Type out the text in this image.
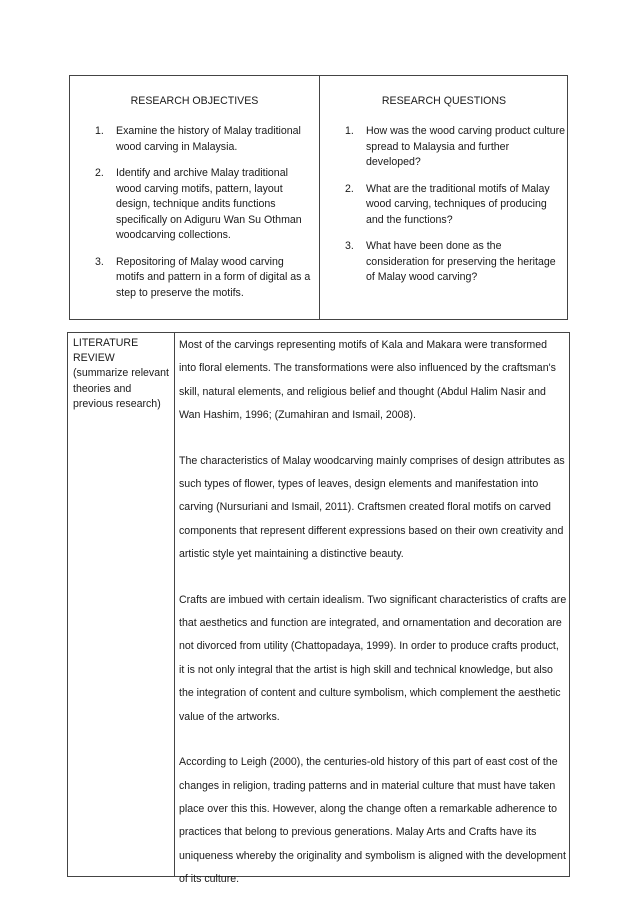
RESEARCH OBJECTIVES
1. Examine the history of Malay traditional wood carving in Malaysia.
2. Identify and archive Malay traditional wood carving motifs, pattern, layout design, technique andits functions specifically on Adiguru Wan Su Othman woodcarving collections.
3. Repositoring of Malay wood carving motifs and pattern in a form of digital as a step to preserve the motifs.
RESEARCH QUESTIONS
1. How was the wood carving product culture spread to Malaysia and further developed?
2. What are the traditional motifs of Malay wood carving, techniques of producing and the functions?
3. What have been done as the consideration for preserving the heritage of Malay wood carving?
LITERATURE REVIEW (summarize relevant theories and previous research)

Most of the carvings representing motifs of Kala and Makara were transformed into floral elements. The transformations were also influenced by the craftsman's skill, natural elements, and religious belief and thought (Abdul Halim Nasir and Wan Hashim, 1996; (Zumahiran and Ismail, 2008).

The characteristics of Malay woodcarving mainly comprises of design attributes as such types of flower, types of leaves, design elements and manifestation into carving (Nursuriani and Ismail, 2011). Craftsmen created floral motifs on carved components that represent different expressions based on their own creativity and artistic style yet maintaining a distinctive beauty.

Crafts are imbued with certain idealism. Two significant characteristics of crafts are that aesthetics and function are integrated, and ornamentation and decoration are not divorced from utility (Chattopadaya, 1999). In order to produce crafts product, it is not only integral that the artist is high skill and technical knowledge, but also the integration of content and culture symbolism, which complement the aesthetic value of the artworks.

According to Leigh (2000), the centuries-old history of this part of east cost of the changes in religion, trading patterns and in material culture that must have taken place over this this. However, along the change often a remarkable adherence to practices that belong to previous generations. Malay Arts and Crafts have its uniqueness whereby the originality and symbolism is aligned with the development of its culture.
